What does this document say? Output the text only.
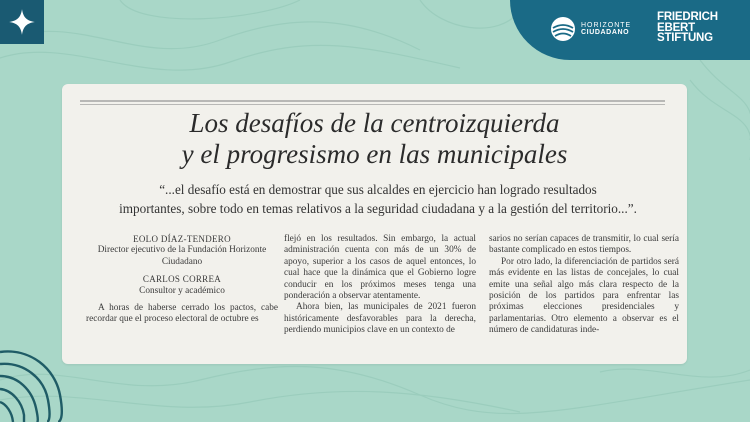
HORIZONTE
CIUDADANO
FRIEDRICH
EBERT
STIFTUNG
Los desafíos de la centroizquierda
y el progresismo en las municipales

“...el desafío está en demostrar que sus alcaldes en ejercicio han logrado resultados
importantes, sobre todo en temas relativos a la seguridad ciudadana y a la gestión del territorio...”.

EOLO DÍAZ-TENDERO

Director ejecutivo de la Fundación Horizonte Ciudadano

CARLOS CORREA

Consultor y académico

A horas de haberse cerrado los pactos, cabe recordar que el proceso electoral de octubre es

flejó en los resultados. Sin embargo, la actual administración cuenta con más de un 30% de apoyo, superior a los casos de aquel entonces, lo cual hace que la dinámica que el Gobierno logre conducir en los próximos meses tenga una ponderación a observar atentamente.

Ahora bien, las municipales de 2021 fueron históricamente desfavorables para la derecha, perdiendo municipios clave en un contexto de

sarios no serían capaces de transmitir, lo cual sería bastante complicado en estos tiempos.

Por otro lado, la diferenciación de partidos será más evidente en las listas de concejales, lo cual emite una señal algo más clara respecto de la posición de los partidos para enfrentar las próximas elecciones presidenciales y parlamentarias. Otro elemento a observar es el número de candidaturas inde-
